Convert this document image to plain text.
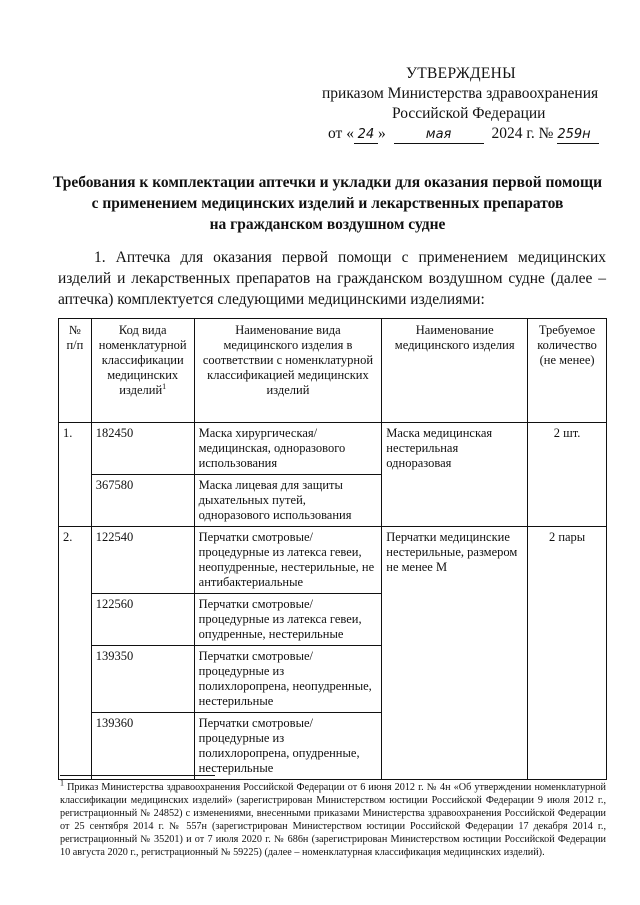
УТВЕРЖДЕНЫ
приказом Министерства здравоохранения
Российской Федерации
от « 24 »	мая	2024 г. № 259н
Требования к комплектации аптечки и укладки для оказания первой помощи
с применением медицинских изделий и лекарственных препаратов
на гражданском воздушном судне

1. Аптечка для оказания первой помощи с применением медицинских изделий и лекарственных препаратов на гражданском воздушном судне (далее – аптечка) комплектуется следующими медицинскими изделиями:

№ п/п	Код вида номенклатурной классификации медицинских изделий$^1$	Наименование вида медицинского изделия в соответствии с номенклатурной классификацией медицинских изделий	Наименование медицинского изделия	Требуемое количество (не менее)
1.	182450	Маска хирургическая/ медицинская, одноразового использования	Маска медицинская нестерильная одноразовая	2 шт.
	367580	Маска лицевая для защиты дыхательных путей, одноразового использования		
2.	122540	Перчатки смотровые/ процедурные из латекса гевеи, неопудренные, нестерильные, не антибактериальные	Перчатки медицинские нестерильные, размером не менее М	2 пары
	122560	Перчатки смотровые/ процедурные из латекса гевеи, опудренные, нестерильные		
	139350	Перчатки смотровые/ процедурные из полихлоропрена, неопудренные, нестерильные		
	139360	Перчатки смотровые/ процедурные из полихлоропрена, опудренные, нестерильные		
$^1$ Приказ Министерства здравоохранения Российской Федерации от 6 июня 2012 г. № 4н «Об утверждении номенклатурной классификации медицинских изделий» (зарегистрирован Министерством юстиции Российской Федерации 9 июля 2012 г., регистрационный № 24852) с изменениями, внесенными приказами Министерства здравоохранения Российской Федерации от 25 сентября 2014 г. № 557н (зарегистрирован Министерством юстиции Российской Федерации 17 декабря 2014 г., регистрационный № 35201) и от 7 июля 2020 г. № 686н (зарегистрирован Министерством юстиции Российской Федерации 10 августа 2020 г., регистрационный № 59225) (далее – номенклатурная классификация медицинских изделий).
